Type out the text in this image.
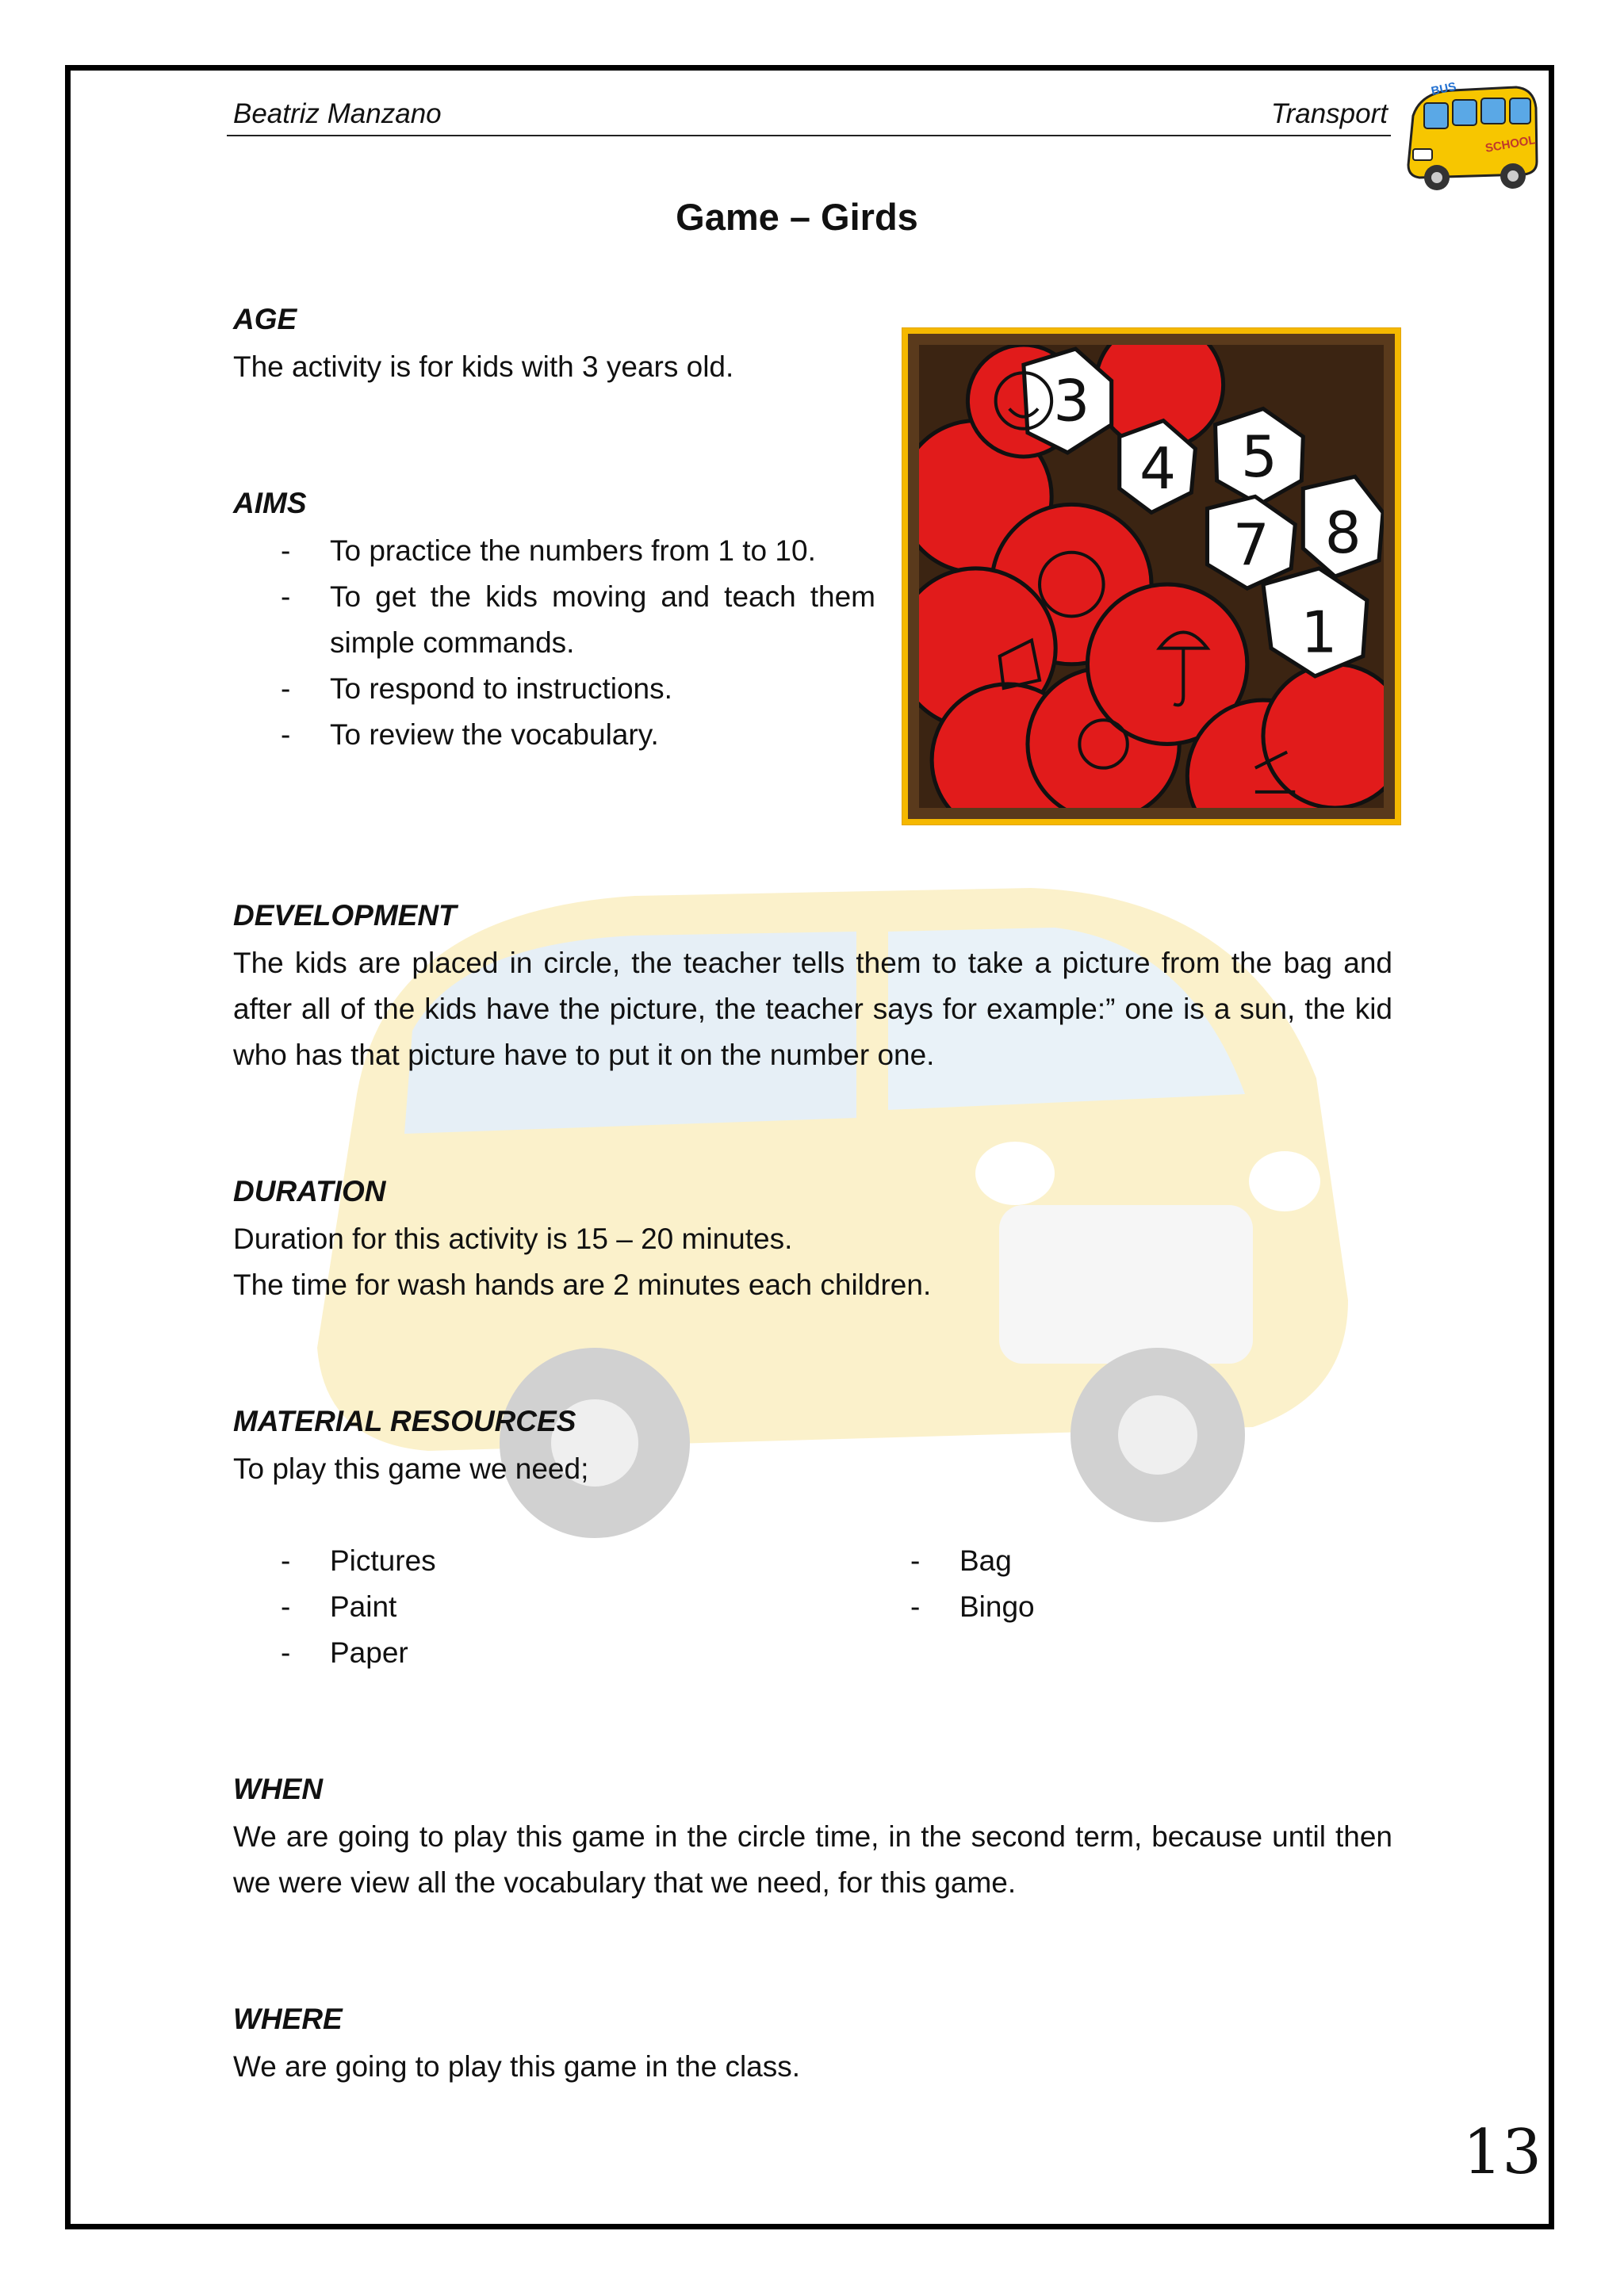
Beatriz Manzano	Transport

BUS
SCHOOL
Game – Girds
AGE

The activity is for kids with 3 years old.

AIMS
- To practice the numbers from 1 to 10.
- To get the kids moving and teach them simple commands.
- To respond to instructions.
- To review the vocabulary.
3
4 5
7 8
1
DEVELOPMENT

The kids are placed in circle, the teacher tells them to take a picture from the bag and after all of the kids have the picture, the teacher says for example:” one is a sun, the kid who has that picture have to put it on the number one.

DURATION

Duration for this activity is 15 – 20 minutes.

The time for wash hands are 2 minutes each children.

MATERIAL RESOURCES

To play this game we need;

- Pictures
- Paint
- Paper
- Bag
- Bingo
WHEN

We are going to play this game in the circle time, in the second term, because until then we were view all the vocabulary that we need, for this game.

WHERE

We are going to play this game in the class.

13
